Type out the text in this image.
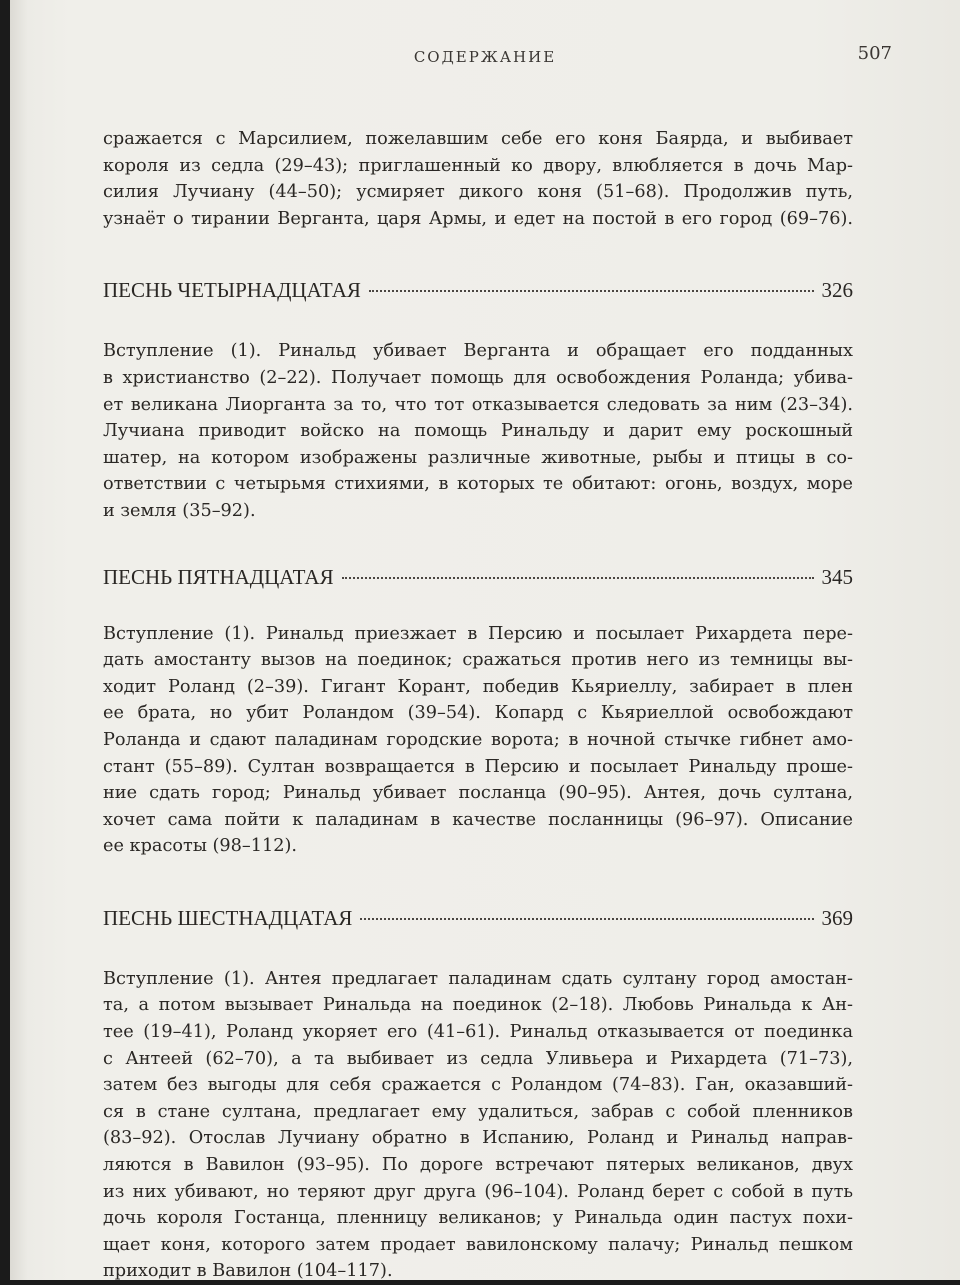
СОДЕРЖАНИЕ	507

сражается с Марсилием, пожелавшим себе его коня Баярда, и выбивает
короля из седла (29–43); приглашенный ко двору, влюбляется в дочь Мар-
силия Лучиану (44–50); усмиряет дикого коня (51–68). Продолжив путь,
узнаёт о тирании Верганта, царя Армы, и едет на постой в его город (69–76).

ПЕСНЬ ЧЕТЫРНАДЦАТАЯ	326

Вступление (1). Ринальд убивает Верганта и обращает его подданных
в христианство (2–22). Получает помощь для освобождения Роланда; убива-
ет великана Лиорганта за то, что тот отказывается следовать за ним (23–34).
Лучиана приводит войско на помощь Ринальду и дарит ему роскошный
шатер, на котором изображены различные животные, рыбы и птицы в со-
ответствии с четырьмя стихиями, в которых те обитают: огонь, воздух, море
и земля (35–92).

ПЕСНЬ ПЯТНАДЦАТАЯ	345

Вступление (1). Ринальд приезжает в Персию и посылает Рихардета пере-
дать амостанту вызов на поединок; сражаться против него из темницы вы-
ходит Роланд (2–39). Гигант Корант, победив Кьяриеллу, забирает в плен
ее брата, но убит Роландом (39–54). Копард с Кьяриеллой освобождают
Роланда и сдают паладинам городские ворота; в ночной стычке гибнет амо-
стант (55–89). Султан возвращается в Персию и посылает Ринальду проше-
ние сдать город; Ринальд убивает посланца (90–95). Антея, дочь султана,
хочет сама пойти к паладинам в качестве посланницы (96–97). Описание
ее красоты (98–112).

ПЕСНЬ ШЕСТНАДЦАТАЯ	369

Вступление (1). Антея предлагает паладинам сдать султану город амостан-
та, а потом вызывает Ринальда на поединок (2–18). Любовь Ринальда к Ан-
тее (19–41), Роланд укоряет его (41–61). Ринальд отказывается от поединка
с Антеей (62–70), а та выбивает из седла Уливьера и Рихардета (71–73),
затем без выгоды для себя сражается с Роландом (74–83). Ган, оказавший-
ся в стане султана, предлагает ему удалиться, забрав с собой пленников
(83–92). Отослав Лучиану обратно в Испанию, Роланд и Ринальд направ-
ляются в Вавилон (93–95). По дороге встречают пятерых великанов, двух
из них убивают, но теряют друг друга (96–104). Роланд берет с собой в путь
дочь короля Гостанца, пленницу великанов; у Ринальда один пастух похи-
щает коня, которого затем продает вавилонскому палачу; Ринальд пешком
приходит в Вавилон (104–117).
